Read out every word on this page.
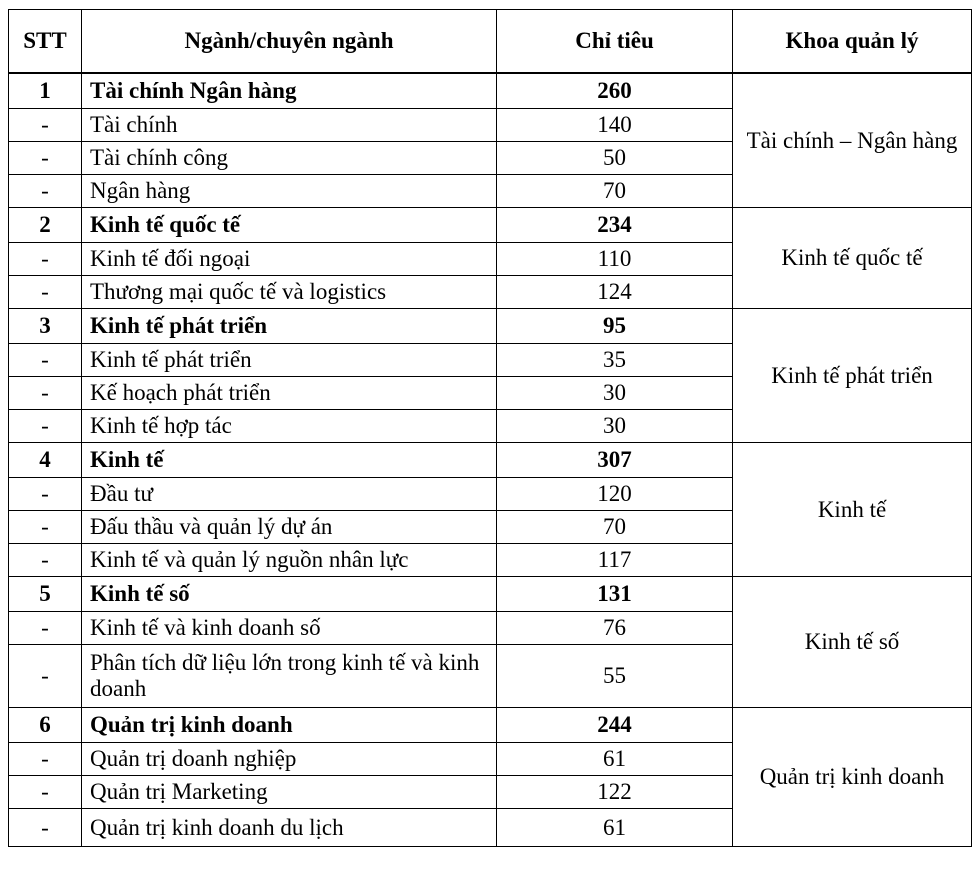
STT	Ngành/chuyên ngành	Chỉ tiêu	Khoa quản lý
1	Tài chính Ngân hàng	260	Tài chính – Ngân hàng
-	Tài chính	140	
-	Tài chính công	50	
-	Ngân hàng	70	
2	Kinh tế quốc tế	234	Kinh tế quốc tế
-	Kinh tế đối ngoại	110	
-	Thương mại quốc tế và logistics	124	
3	Kinh tế phát triển	95	Kinh tế phát triển
-	Kinh tế phát triển	35	
-	Kế hoạch phát triển	30	
-	Kinh tế hợp tác	30	
4	Kinh tế	307	Kinh tế
-	Đầu tư	120	
-	Đấu thầu và quản lý dự án	70	
-	Kinh tế và quản lý nguồn nhân lực	117	
5	Kinh tế số	131	Kinh tế số
-	Kinh tế và kinh doanh số	76	
-	Phân tích dữ liệu lớn trong kinh tế và kinh doanh	55	
6	Quản trị kinh doanh	244	Quản trị kinh doanh
-	Quản trị doanh nghiệp	61	
-	Quản trị Marketing	122	
-	Quản trị kinh doanh du lịch	61	
